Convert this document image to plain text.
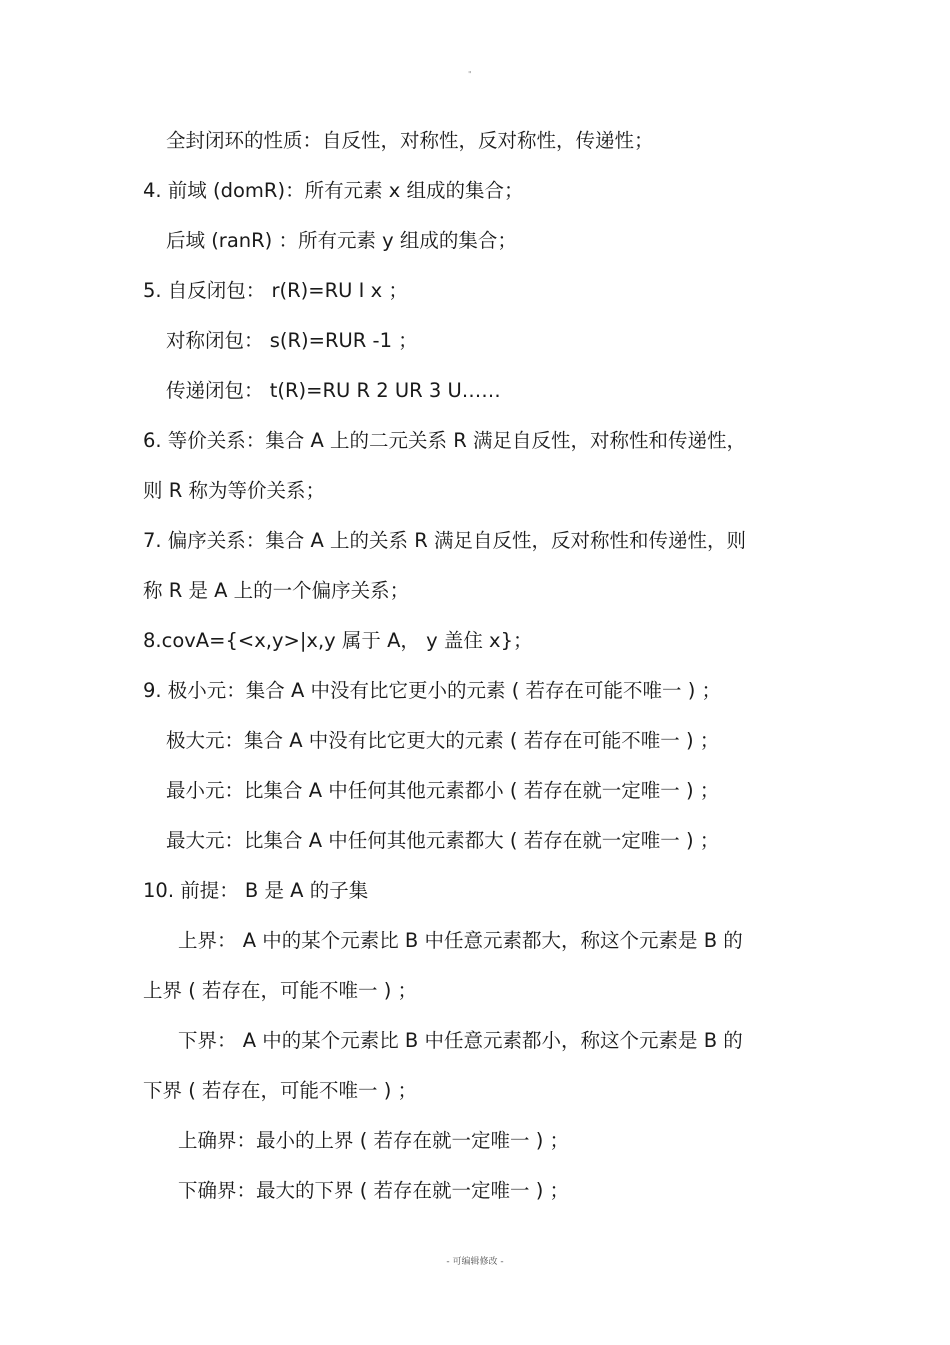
"
全封闭环的性质：自反性，对称性，反对称性，传递性；
4. 前域 (domR)：所有元素 x 组成的集合；
后域 (ranR) ：所有元素 y 组成的集合；
5. 自反闭包： r(R)=RU I x ；
对称闭包： s(R)=RUR -1 ；
传递闭包： t(R)=RU R 2 UR 3 U……
6. 等价关系：集合 A 上的二元关系 R 满足自反性，对称性和传递性，
则 R 称为等价关系；
7. 偏序关系：集合 A 上的关系 R 满足自反性，反对称性和传递性，则
称 R 是 A 上的一个偏序关系；
8.covA={<x,y>|x,y 属于 A， y 盖住 x}；
9. 极小元：集合 A 中没有比它更小的元素 ( 若存在可能不唯一 ) ；
极大元：集合 A 中没有比它更大的元素 ( 若存在可能不唯一 ) ；
最小元：比集合 A 中任何其他元素都小 ( 若存在就一定唯一 ) ；
最大元：比集合 A 中任何其他元素都大 ( 若存在就一定唯一 ) ；
10. 前提： B 是 A 的子集
上界： A 中的某个元素比 B 中任意元素都大，称这个元素是 B 的
上界 ( 若存在，可能不唯一 ) ；
下界： A 中的某个元素比 B 中任意元素都小，称这个元素是 B 的
下界 ( 若存在，可能不唯一 ) ；
上确界：最小的上界 ( 若存在就一定唯一 ) ；
下确界：最大的下界 ( 若存在就一定唯一 ) ；
- 可编辑修改 -
